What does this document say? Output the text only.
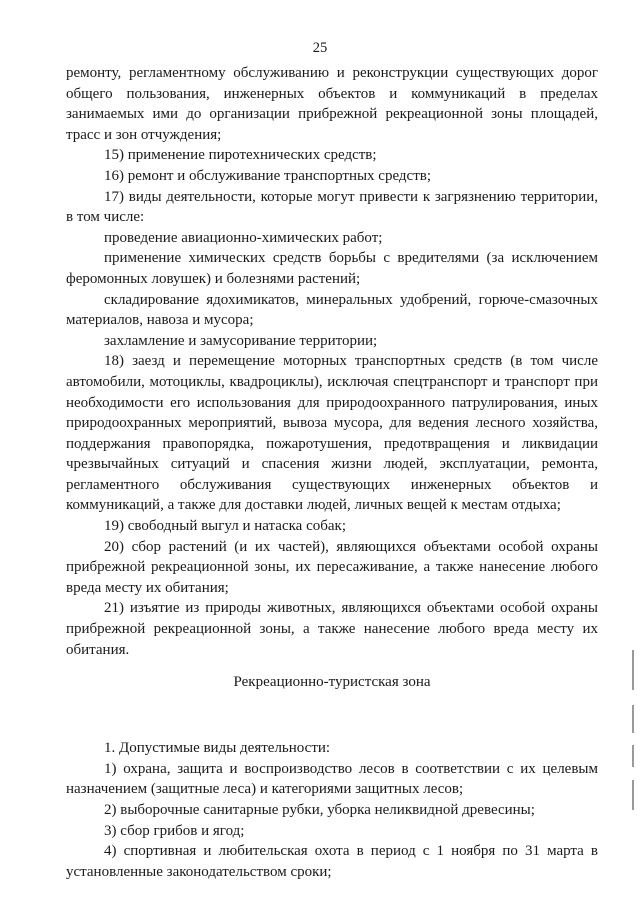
25

ремонту, регламентному обслуживанию и реконструкции существующих дорог общего пользования, инженерных объектов и коммуникаций в пределах занимаемых ими до организации прибрежной рекреационной зоны площадей, трасс и зон отчуждения;

15) применение пиротехнических средств;

16) ремонт и обслуживание транспортных средств;

17) виды деятельности, которые могут привести к загрязнению территории, в том числе:

проведение авиационно-химических работ;

применение химических средств борьбы с вредителями (за исключением феромонных ловушек) и болезнями растений;

складирование ядохимикатов, минеральных удобрений, горюче-смазочных материалов, навоза и мусора;

захламление и замусоривание территории;

18) заезд и перемещение моторных транспортных средств (в том числе автомобили, мотоциклы, квадроциклы), исключая спецтранспорт и транспорт при необходимости его использования для природоохранного патрулирования, иных природоохранных мероприятий, вывоза мусора, для ведения лесного хозяйства, поддержания правопорядка, пожаротушения, предотвращения и ликвидации чрезвычайных ситуаций и спасения жизни людей, эксплуатации, ремонта, регламентного обслуживания существующих инженерных объектов и коммуникаций, а также для доставки людей, личных вещей к местам отдыха;

19) свободный выгул и натаска собак;

20) сбор растений (и их частей), являющихся объектами особой охраны прибрежной рекреационной зоны, их пересаживание, а также нанесение любого вреда месту их обитания;

21) изъятие из природы животных, являющихся объектами особой охраны прибрежной рекреационной зоны, а также нанесение любого вреда месту их обитания.

Рекреационно-туристская зона

1. Допустимые виды деятельности:

1) охрана, защита и воспроизводство лесов в соответствии с их целевым назначением (защитные леса) и категориями защитных лесов;

2) выборочные санитарные рубки, уборка неликвидной древесины;

3) сбор грибов и ягод;

4) спортивная и любительская охота в период с 1 ноября по 31 марта в установленные законодательством сроки;
